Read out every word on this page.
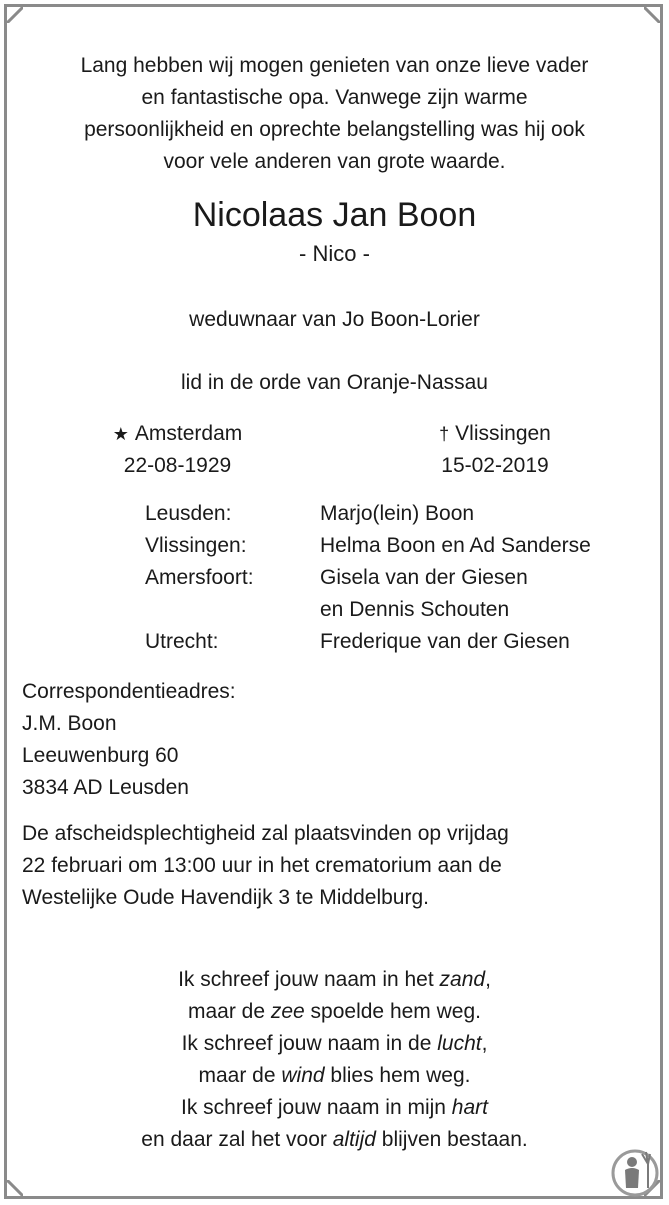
Lang hebben wij mogen genieten van onze lieve vader
en fantastische opa. Vanwege zijn warme
persoonlijkheid en oprechte belangstelling was hij ook
voor vele anderen van grote waarde.
Nicolaas Jan Boon
- Nico -
weduwnaar van Jo Boon-Lorier
lid in de orde van Oranje-Nassau
★ Amsterdam
22-08-1929
† Vlissingen
15-02-2019
Leusden:	Marjo(lein) Boon
Vlissingen:	Helma Boon en Ad Sanderse
Amersfoort:	Gisela van der Giesen
en Dennis Schouten
Utrecht:	Frederique van der Giesen
Correspondentieadres:
J.M. Boon
Leeuwenburg 60
3834 AD Leusden
De afscheidsplechtigheid zal plaatsvinden op vrijdag
22 februari om 13:00 uur in het crematorium aan de
Westelijke Oude Havendijk 3 te Middelburg.
Ik schreef jouw naam in het zand,
maar de zee spoelde hem weg.
Ik schreef jouw naam in de lucht,
maar de wind blies hem weg.
Ik schreef jouw naam in mijn hart
en daar zal het voor altijd blijven bestaan.
